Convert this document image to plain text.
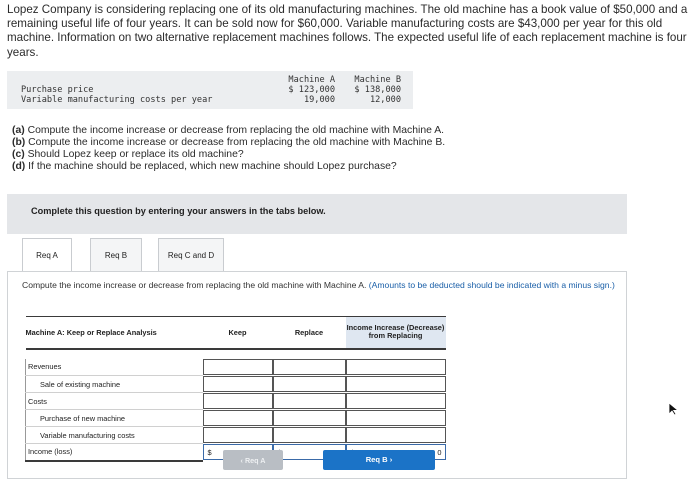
Lopez Company is considering replacing one of its old manufacturing machines. The old machine has a book value of $50,000 and a remaining useful life of four years. It can be sold now for $60,000. Variable manufacturing costs are $43,000 per year for this old machine. Information on two alternative replacement machines follows. The expected useful life of each replacement machine is four years.
Machine A	Machine B
Purchase price	$ 123,000	$ 138,000
Variable manufacturing costs per year	19,000	12,000
(a) Compute the income increase or decrease from replacing the old machine with Machine A.
(b) Compute the income increase or decrease from replacing the old machine with Machine B.
(c) Should Lopez keep or replace its old machine?
(d) If the machine should be replaced, which new machine should Lopez purchase?
Complete this question by entering your answers in the tabs below.
Req A	Req B	Req C and D
Compute the income increase or decrease from replacing the old machine with Machine A. (Amounts to be deducted should be indicated with a minus sign.)
Machine A: Keep or Replace Analysis	Keep	Replace	Income Increase (Decrease) from Replacing

Revenues	

Sale of existing machine	

Costs	

Purchase of new machine	

Variable manufacturing costs	

Income (loss)	$		0
‹ Req A	Req B ›
